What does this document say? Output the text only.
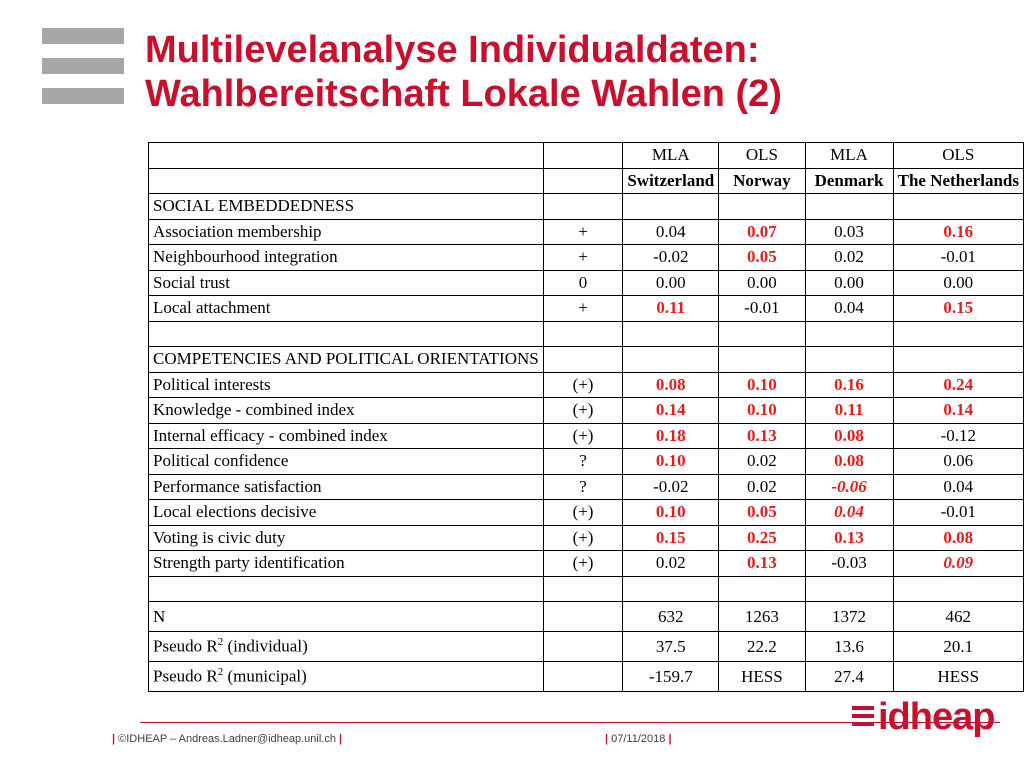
Multilevelanalyse Individualdaten:
Wahlbereitschaft Lokale Wahlen (2)
		MLA	OLS	MLA	OLS
		Switzerland	Norway	Denmark	The Netherlands
SOCIAL EMBEDDEDNESS					
Association membership	+	0.04	0.07	0.03	0.16
Neighbourhood integration	+	-0.02	0.05	0.02	-0.01
Social trust	0	0.00	0.00	0.00	0.00
Local attachment	+	0.11	-0.01	0.04	0.15

COMPETENCIES AND POLITICAL ORIENTATIONS					
Political interests	(+)	0.08	0.10	0.16	0.24
Knowledge - combined index	(+)	0.14	0.10	0.11	0.14
Internal efficacy - combined index	(+)	0.18	0.13	0.08	-0.12
Political confidence	?	0.10	0.02	0.08	0.06
Performance satisfaction	?	-0.02	0.02	-0.06	0.04
Local elections decisive	(+)	0.10	0.05	0.04	-0.01
Voting is civic duty	(+)	0.15	0.25	0.13	0.08
Strength party identification	(+)	0.02	0.13	-0.03	0.09

N		632	1263	1372	462
Pseudo $R^2$ (individual)		37.5	22.2	13.6	20.1
Pseudo $R^2$ (municipal)		-159.7	HESS	27.4	HESS
| ©IDHEAP – Andreas.Ladner@idheap.unil.ch |	| 07/11/2018 |
idheap
